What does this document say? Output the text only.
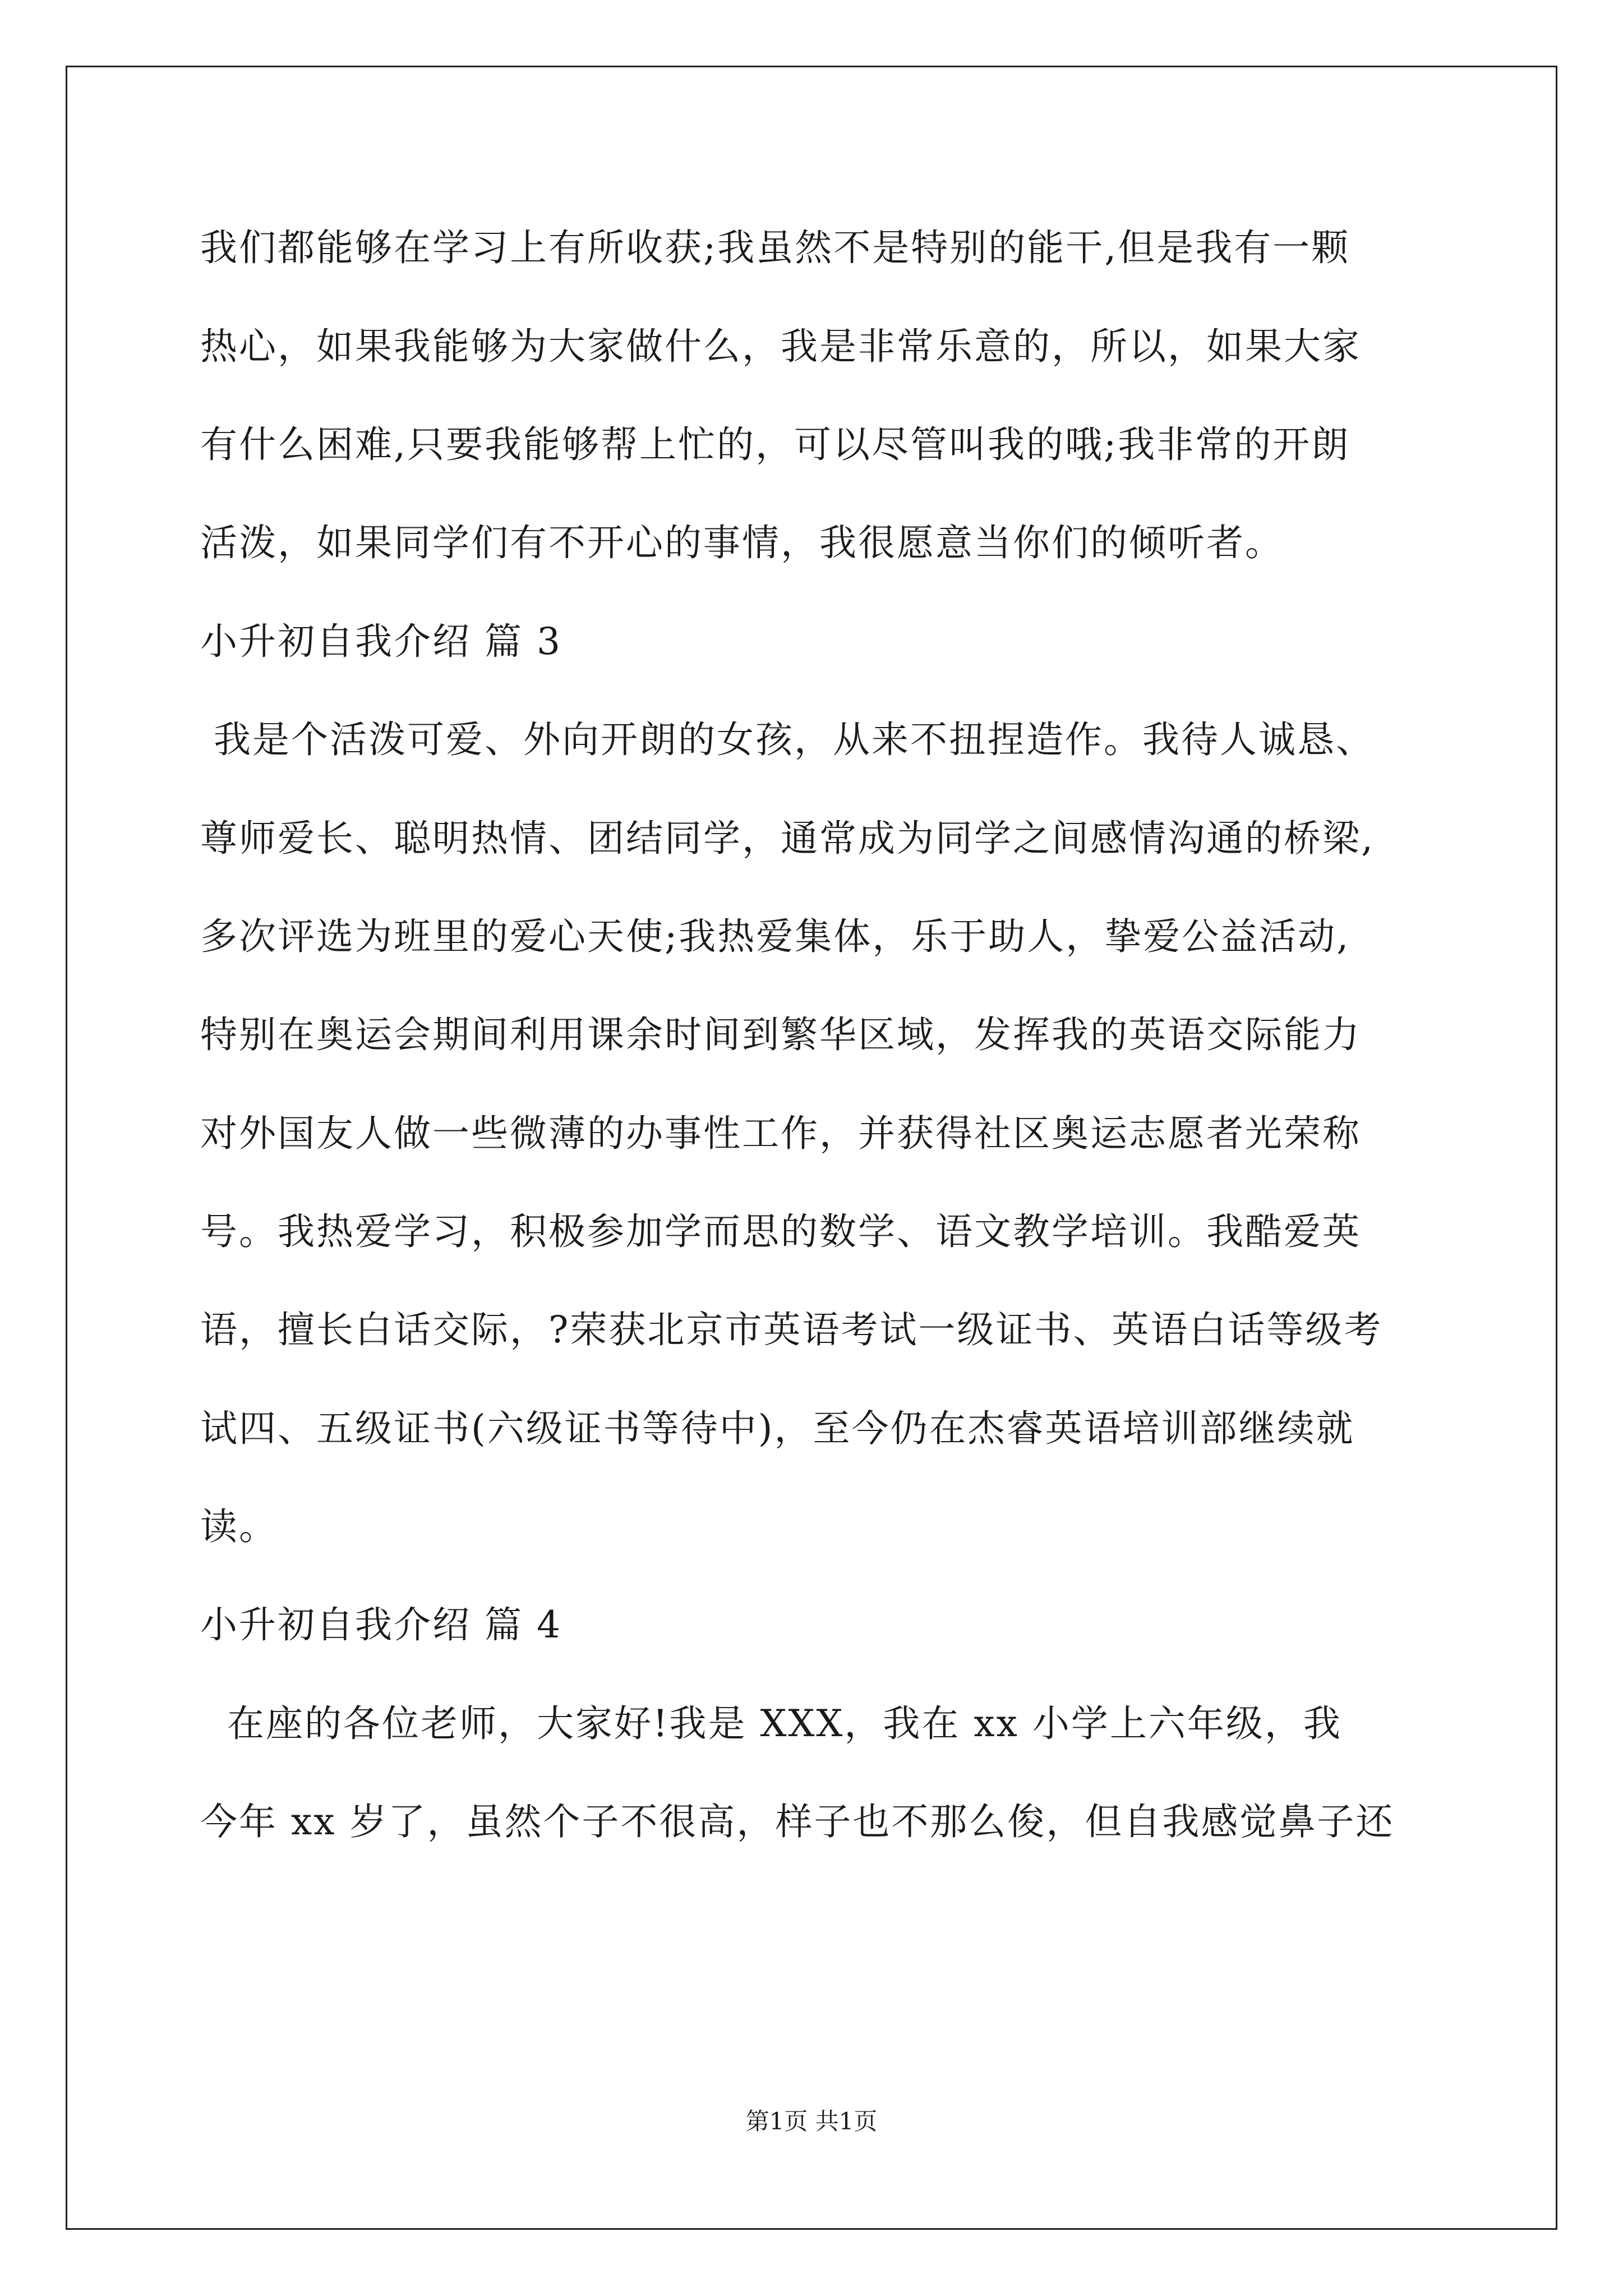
我们都能够在学习上有所收获;我虽然不是特别的能干,但是我有一颗
热心，如果我能够为大家做什么，我是非常乐意的，所以，如果大家
有什么困难,只要我能够帮上忙的，可以尽管叫我的哦;我非常的开朗
活泼，如果同学们有不开心的事情，我很愿意当你们的倾听者。
小升初自我介绍 篇 3
我是个活泼可爱、外向开朗的女孩，从来不扭捏造作。我待人诚恳、
尊师爱长、聪明热情、团结同学，通常成为同学之间感情沟通的桥梁,
多次评选为班里的爱心天使;我热爱集体，乐于助人，挚爱公益活动,
特别在奥运会期间利用课余时间到繁华区域，发挥我的英语交际能力
对外国友人做一些微薄的办事性工作，并获得社区奥运志愿者光荣称
号。我热爱学习，积极参加学而思的数学、语文教学培训。我酷爱英
语，擅长白话交际，?荣获北京市英语考试一级证书、英语白话等级考
试四、五级证书(六级证书等待中)，至今仍在杰睿英语培训部继续就
读。
小升初自我介绍 篇 4
在座的各位老师，大家好!我是 XXX，我在 xx 小学上六年级，我
今年 xx 岁了，虽然个子不很高，样子也不那么俊，但自我感觉鼻子还
第1页 共1页
